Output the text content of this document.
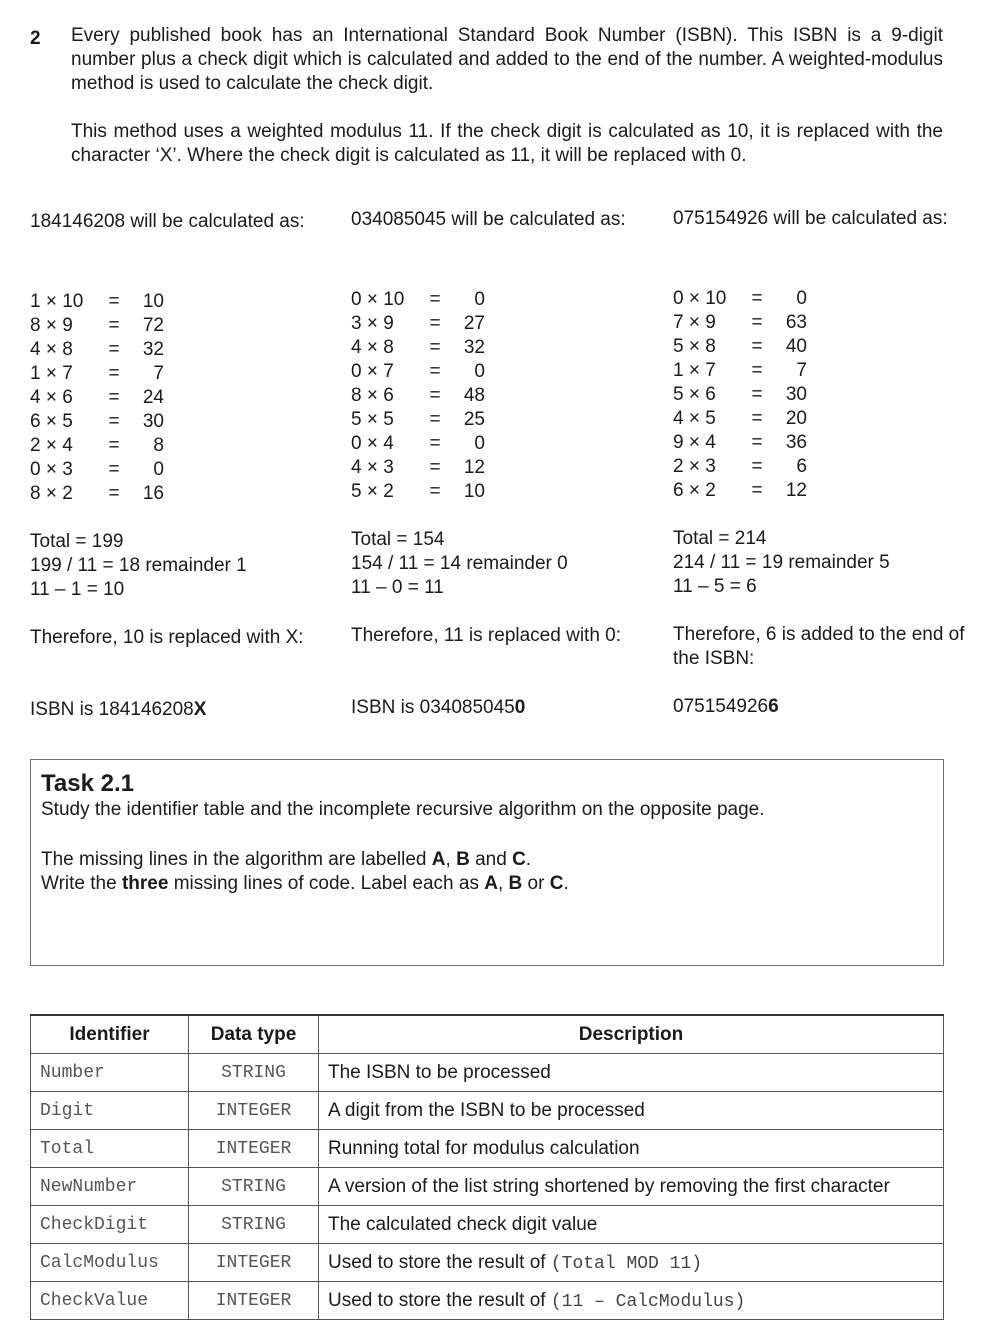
2 Every published book has an International Standard Book Number (ISBN). This ISBN is a 9-digit number plus a check digit which is calculated and added to the end of the number. A weighted-modulus method is used to calculate the check digit.

This method uses a weighted modulus 11. If the check digit is calculated as 10, it is replaced with the character ‘X’. Where the check digit is calculated as 11, it will be replaced with 0.

184146208 will be calculated as:

1 × 10	=	10
8 × 9	=	72
4 × 8	=	32
1 × 7	=	7
4 × 6	=	24
6 × 5	=	30
2 × 4	=	8
0 × 3	=	0
8 × 2	=	16
Total = 199
199 / 11 = 18 remainder 1
11 – 1 = 10
Therefore, 10 is replaced with X:
ISBN is 184146208X

034085045 will be calculated as:

0 × 10	=	0
3 × 9	=	27
4 × 8	=	32
0 × 7	=	0
8 × 6	=	48
5 × 5	=	25
0 × 4	=	0
4 × 3	=	12
5 × 2	=	10
Total = 154
154 / 11 = 14 remainder 0
11 – 0 = 11
Therefore, 11 is replaced with 0:
ISBN is 0340850450

075154926 will be calculated as:

0 × 10	=	0
7 × 9	=	63
5 × 8	=	40
1 × 7	=	7
5 × 6	=	30
4 × 5	=	20
9 × 4	=	36
2 × 3	=	6
6 × 2	=	12
Total = 214
214 / 11 = 19 remainder 5
11 – 5 = 6
Therefore, 6 is added to the end of the ISBN:
0751549266
Task 2.1

Study the identifier table and the incomplete recursive algorithm on the opposite page.

The missing lines in the algorithm are labelled A, B and C.

Write the three missing lines of code. Label each as A, B or C.

Identifier	Data type	Description
Number	STRING	The ISBN to be processed
Digit	INTEGER	A digit from the ISBN to be processed
Total	INTEGER	Running total for modulus calculation
NewNumber	STRING	A version of the list string shortened by removing the first character
CheckDigit	STRING	The calculated check digit value
CalcModulus	INTEGER	Used to store the result of (Total MOD 11)
CheckValue	INTEGER	Used to store the result of (11 – CalcModulus)
